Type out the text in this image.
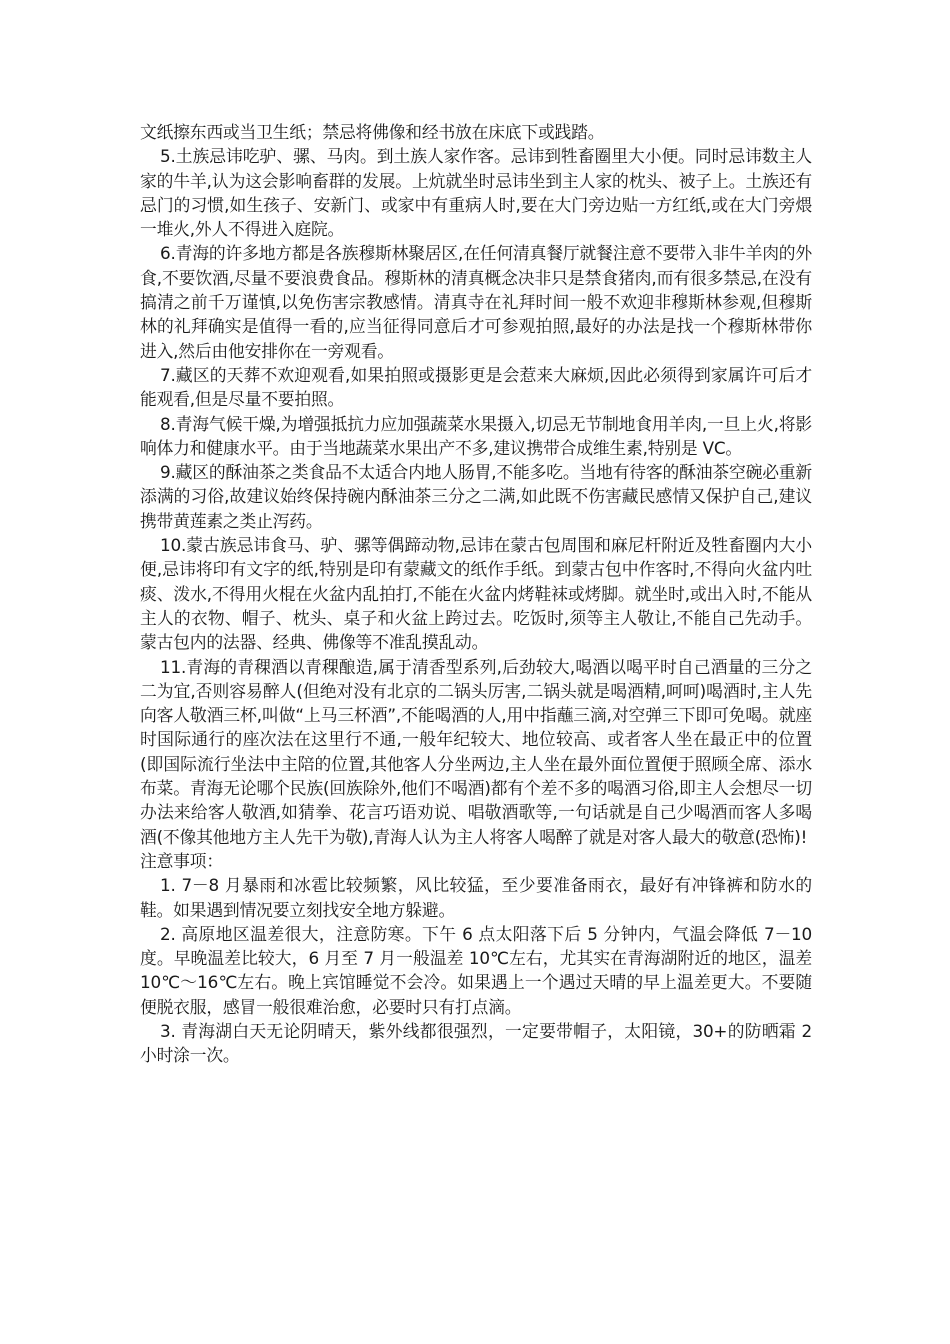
文纸擦东西或当卫生纸；禁忌将佛像和经书放在床底下或践踏。

5.土族忌讳吃驴、骡、马肉。到土族人家作客。忌讳到牲畜圈里大小便。同时忌讳数主人家的牛羊,认为这会影响畜群的发展。上炕就坐时忌讳坐到主人家的枕头、被子上。土族还有忌门的习惯,如生孩子、安新门、或家中有重病人时,要在大门旁边贴一方红纸,或在大门旁煨一堆火,外人不得进入庭院。

6.青海的许多地方都是各族穆斯林聚居区,在任何清真餐厅就餐注意不要带入非牛羊肉的外食,不要饮酒,尽量不要浪费食品。穆斯林的清真概念决非只是禁食猪肉,而有很多禁忌,在没有搞清之前千万谨慎,以免伤害宗教感情。清真寺在礼拜时间一般不欢迎非穆斯林参观,但穆斯林的礼拜确实是值得一看的,应当征得同意后才可参观拍照,最好的办法是找一个穆斯林带你进入,然后由他安排你在一旁观看。

7.藏区的天葬不欢迎观看,如果拍照或摄影更是会惹来大麻烦,因此必须得到家属许可后才能观看,但是尽量不要拍照。

8.青海气候干燥,为增强抵抗力应加强蔬菜水果摄入,切忌无节制地食用羊肉,一旦上火,将影响体力和健康水平。由于当地蔬菜水果出产不多,建议携带合成维生素,特别是 VC。

9.藏区的酥油茶之类食品不太适合内地人肠胃,不能多吃。当地有待客的酥油茶空碗必重新添满的习俗,故建议始终保持碗内酥油茶三分之二满,如此既不伤害藏民感情又保护自己,建议携带黄莲素之类止泻药。

10.蒙古族忌讳食马、驴、骡等偶蹄动物,忌讳在蒙古包周围和麻尼杆附近及牲畜圈内大小便,忌讳将印有文字的纸,特别是印有蒙藏文的纸作手纸。到蒙古包中作客时,不得向火盆内吐痰、泼水,不得用火棍在火盆内乱拍打,不能在火盆内烤鞋袜或烤脚。就坐时,或出入时,不能从主人的衣物、帽子、枕头、桌子和火盆上跨过去。吃饭时,须等主人敬让,不能自己先动手。蒙古包内的法器、经典、佛像等不准乱摸乱动。

11.青海的青稞酒以青稞酿造,属于清香型系列,后劲较大,喝酒以喝平时自己酒量的三分之二为宜,否则容易醉人(但绝对没有北京的二锅头厉害,二锅头就是喝酒精,呵呵)喝酒时,主人先向客人敬酒三杯,叫做“上马三杯酒”,不能喝酒的人,用中指蘸三滴,对空弹三下即可免喝。就座时国际通行的座次法在这里行不通,一般年纪较大、地位较高、或者客人坐在最正中的位置(即国际流行坐法中主陪的位置,其他客人分坐两边,主人坐在最外面位置便于照顾全席、添水布菜。青海无论哪个民族(回族除外,他们不喝酒)都有个差不多的喝酒习俗,即主人会想尽一切办法来给客人敬酒,如猜拳、花言巧语劝说、唱敬酒歌等,一句话就是自己少喝酒而客人多喝酒(不像其他地方主人先干为敬),青海人认为主人将客人喝醉了就是对客人最大的敬意(恐怖)!

注意事项：

1. 7－8 月暴雨和冰雹比较频繁，风比较猛，至少要准备雨衣，最好有冲锋裤和防水的鞋。如果遇到情况要立刻找安全地方躲避。

2. 高原地区温差很大，注意防寒。下午 6 点太阳落下后 5 分钟内，气温会降低 7－10 度。早晚温差比较大，6 月至 7 月一般温差 10℃左右，尤其实在青海湖附近的地区，温差 10℃～16℃左右。晚上宾馆睡觉不会冷。如果遇上一个遇过天晴的早上温差更大。不要随便脱衣服，感冒一般很难治愈，必要时只有打点滴。

3. 青海湖白天无论阴晴天，紫外线都很强烈，一定要带帽子，太阳镜，30+的防晒霜 2 小时涂一次。
